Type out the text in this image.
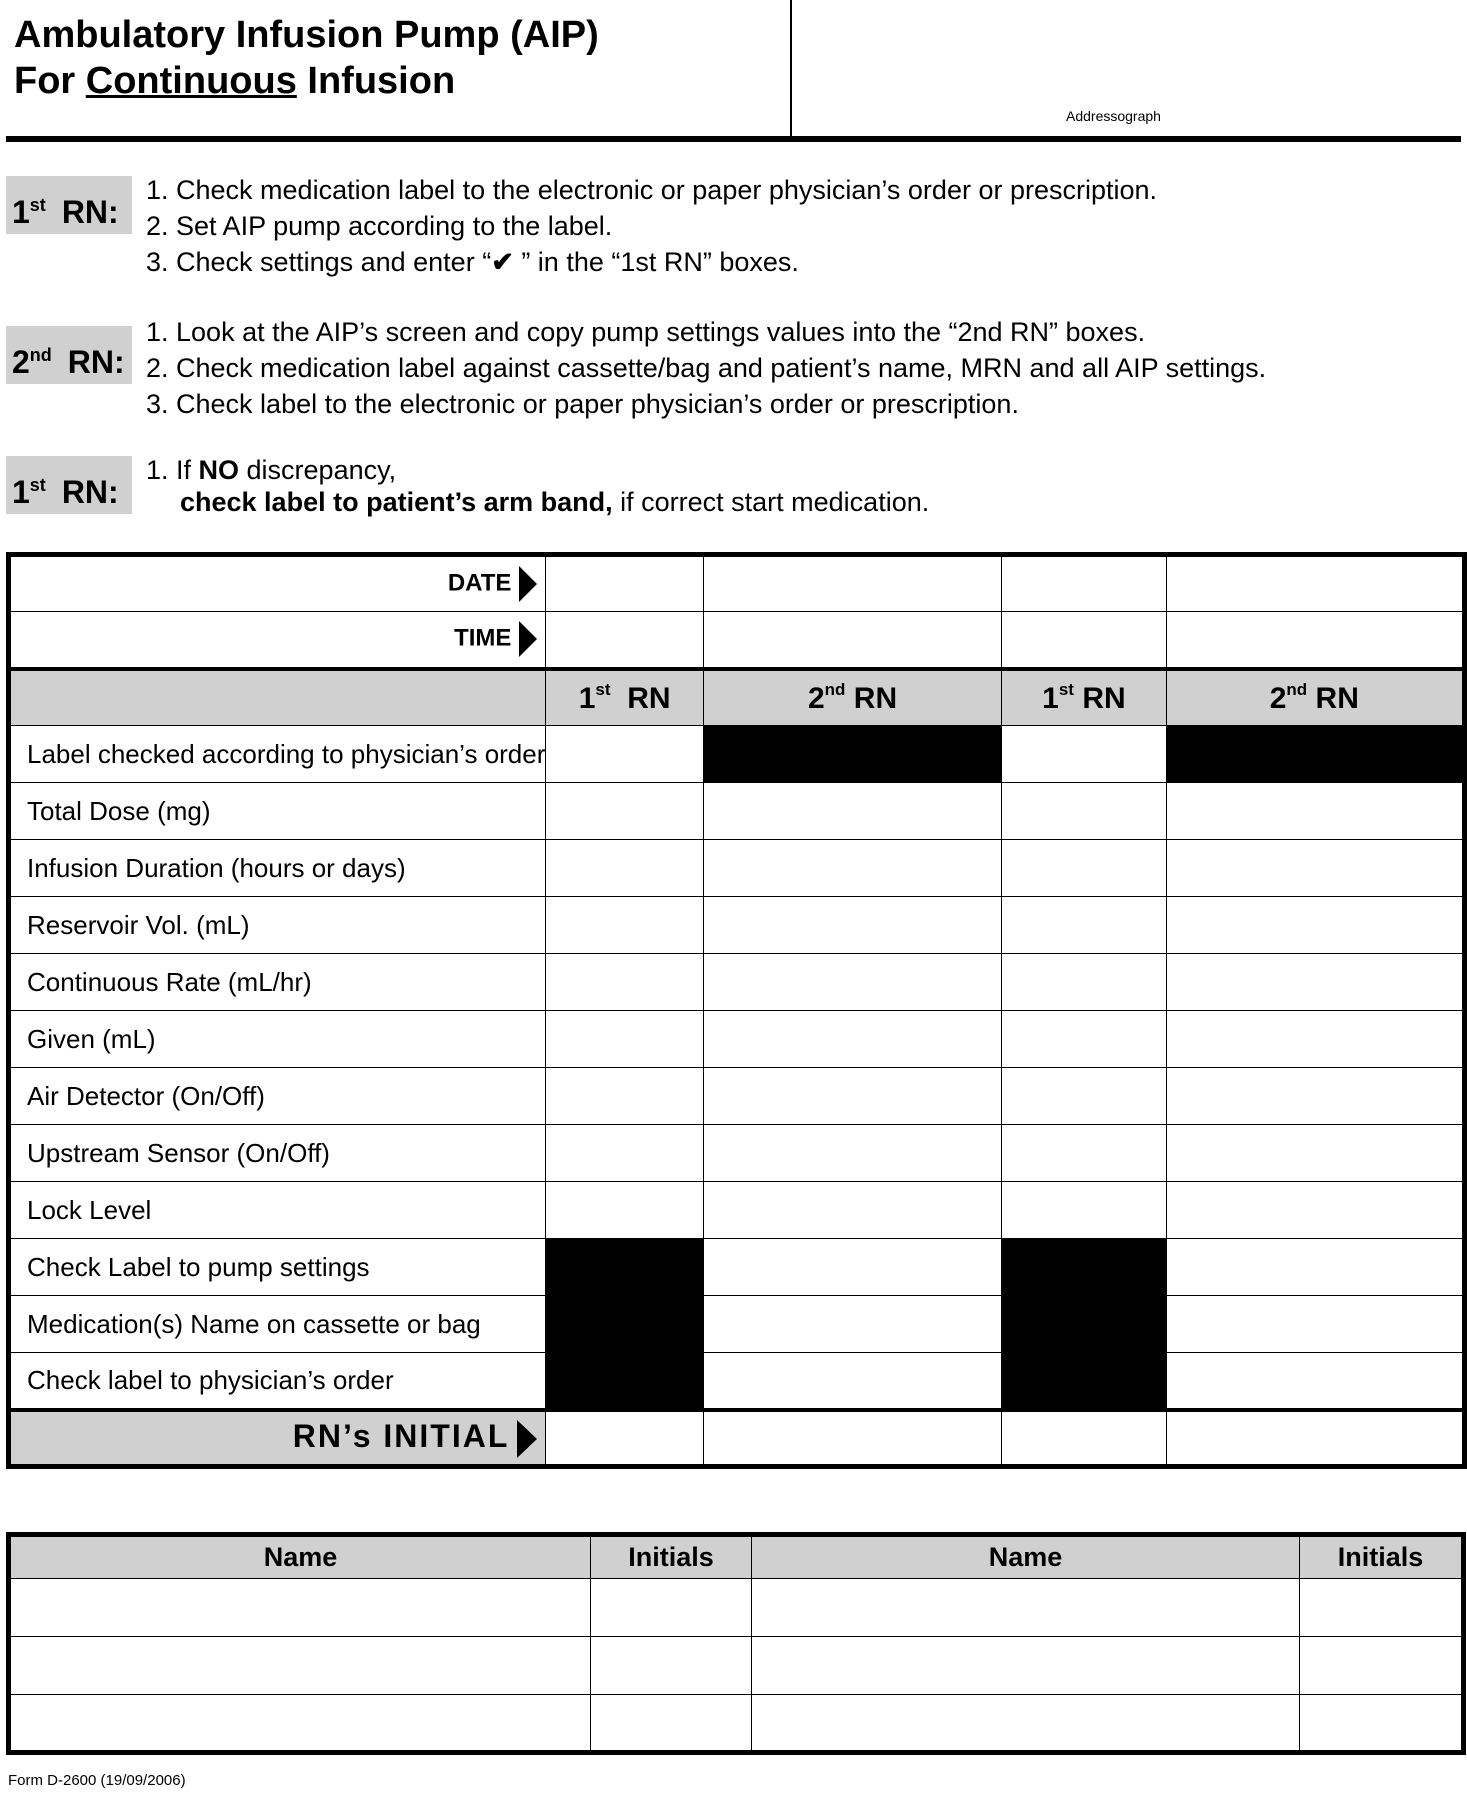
Ambulatory Infusion Pump (AIP)
For Continuous Infusion
Addressograph
1st RN:
1. Check medication label to the electronic or paper physician’s order or prescription.
2. Set AIP pump according to the label.
3. Check settings and enter “✔ ” in the “1st RN” boxes.
2nd RN:
1. Look at the AIP’s screen and copy pump settings values into the “2nd RN” boxes.
2. Check medication label against cassette/bag and patient’s name, MRN and all AIP settings.
3. Check label to the electronic or paper physician’s order or prescription.
1st RN:
1. If NO discrepancy,
check label to patient’s arm band, if correct start medication.
DATE				
TIME				
	1st RN	2nd RN	1st RN	2nd RN
Label checked according to physician’s order				
Total Dose (mg)				
Infusion Duration (hours or days)				
Reservoir Vol. (mL)				
Continuous Rate (mL/hr)				
Given (mL)				
Air Detector (On/Off)				
Upstream Sensor (On/Off)				
Lock Level				
Check Label to pump settings				
Medication(s) Name on cassette or bag				
Check label to physician’s order				
RN’s INITIAL				
Name	Initials	Name	Initials

Form D-2600 (19/09/2006)
